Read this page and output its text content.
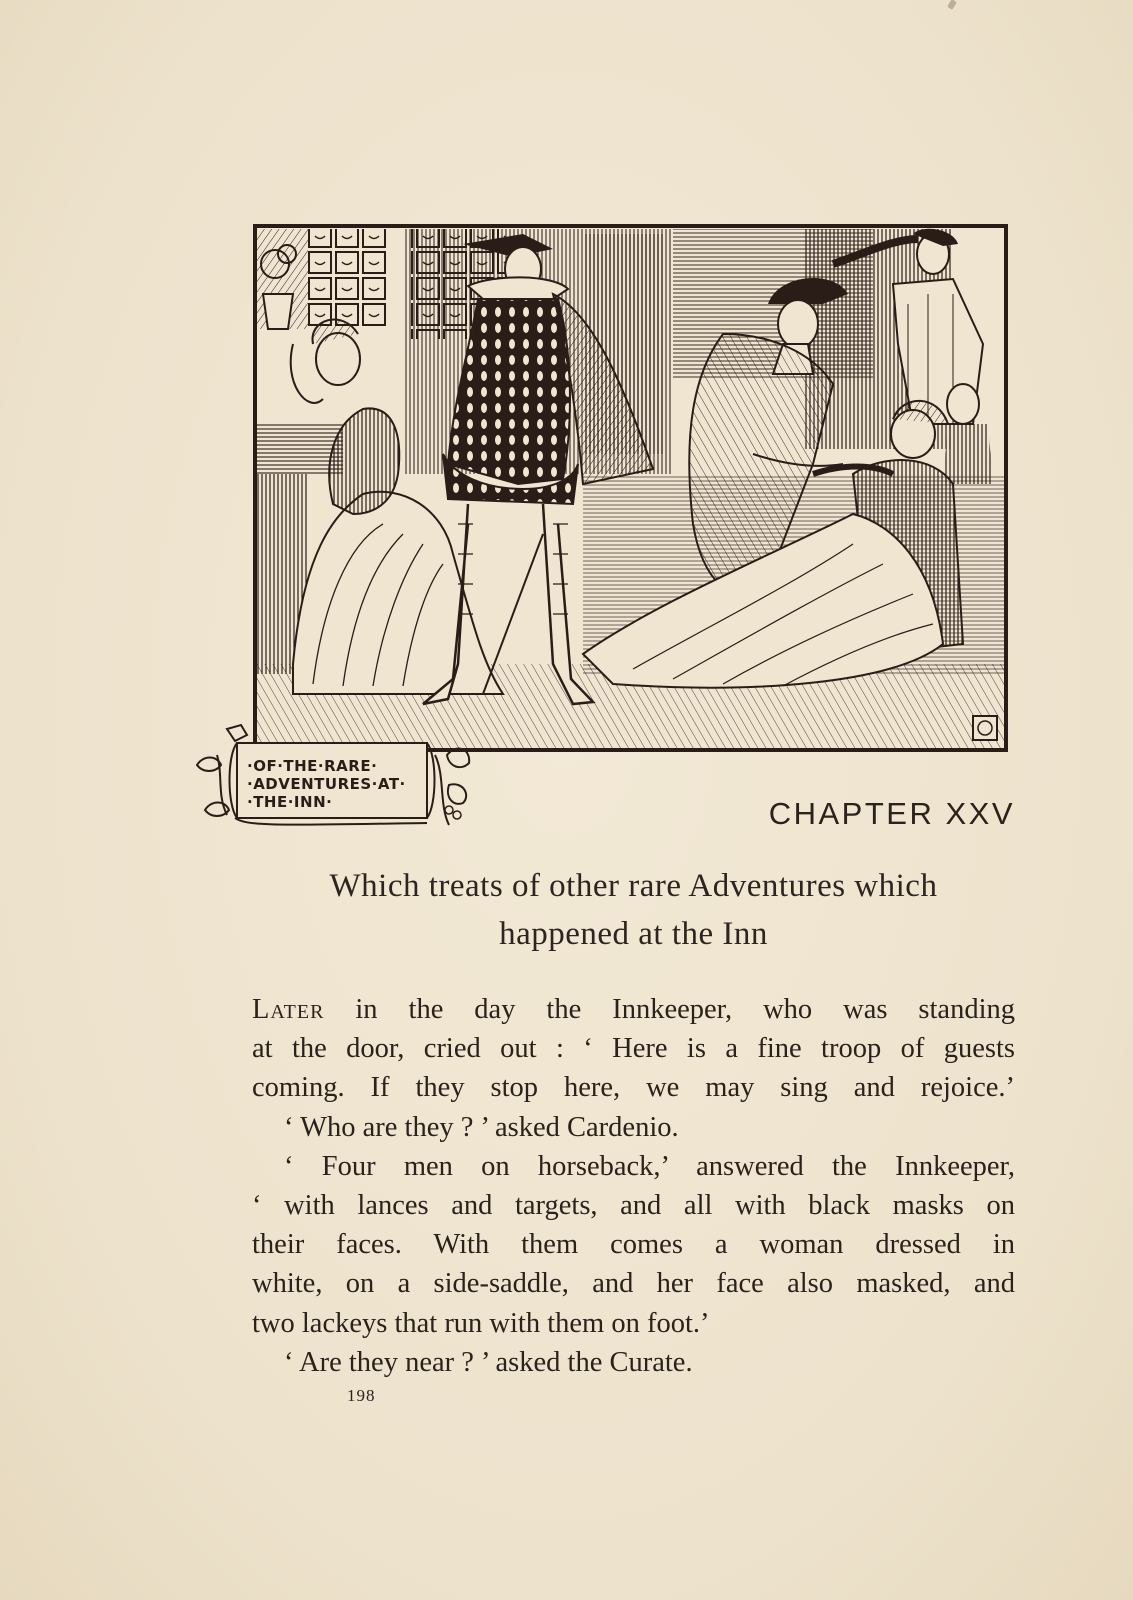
·OF·THE·RARE·
·ADVENTURES·AT·
·THE·INN·	CHAPTER XXV
Which treats of other rare Adventures which
happened at the Inn
Later in the day the Innkeeper, who was standing
at the door, cried out : ‘ Here is a fine troop of guests
coming. If they stop here, we may sing and rejoice.’
‘ Who are they ? ’ asked Cardenio.
‘ Four men on horseback,’ answered the Innkeeper,
‘ with lances and targets, and all with black masks on
their faces. With them comes a woman dressed in
white, on a side-saddle, and her face also masked, and
two lackeys that run with them on foot.’
‘ Are they near ? ’ asked the Curate.
198
